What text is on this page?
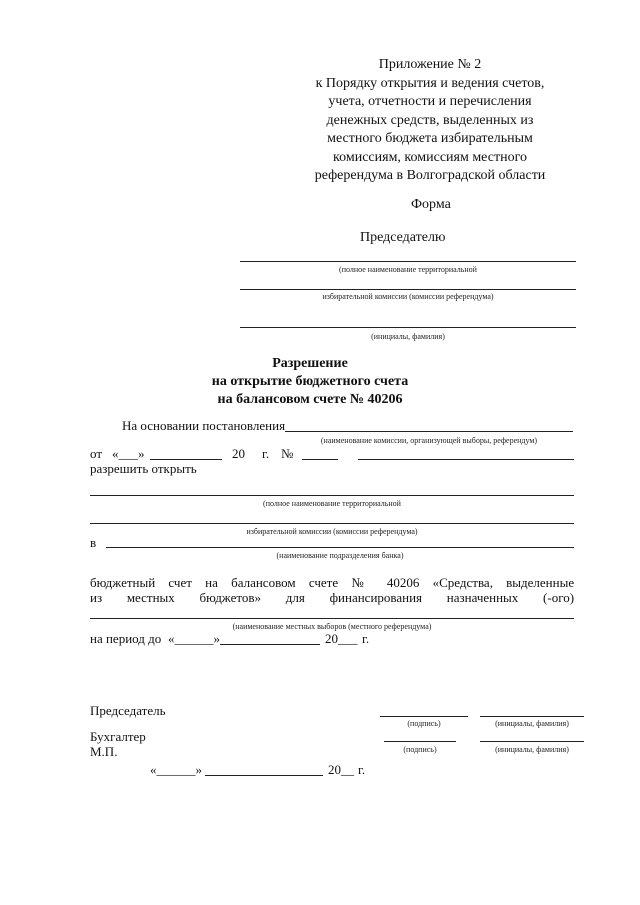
Приложение № 2
к Порядку открытия и ведения счетов,
учета, отчетности и перечисления
денежных средств, выделенных из
местного бюджета избирательным
комиссиям, комиссиям местного
референдума в Волгоградской области
Форма
Председателю
(полное наименование территориальной
избирательной комиссии (комиссии референдума)
(инициалы, фамилия)
Разрешение
на открытие бюджетного счета
на балансовом счете № 40206
На основании постановления
(наименование комиссии, организующей выборы, референдум)
от «___»	20 г. №
разрешить открыть
(полное наименование территориальной
избирательной комиссии (комиссии референдума)
в
(наименование подразделения банка)
бюджетный счет на балансовом счете № 40206 «Средства, выделенные
из местных бюджетов» для финансирования назначенных (-ого)
(наименование местных выборов (местного референдума)
на период до «______»	20___ г.
Председатель
(подпись)	(инициалы, фамилия)
Бухгалтер
(подпись)	(инициалы, фамилия)
М.П.
«______»	20__ г.
